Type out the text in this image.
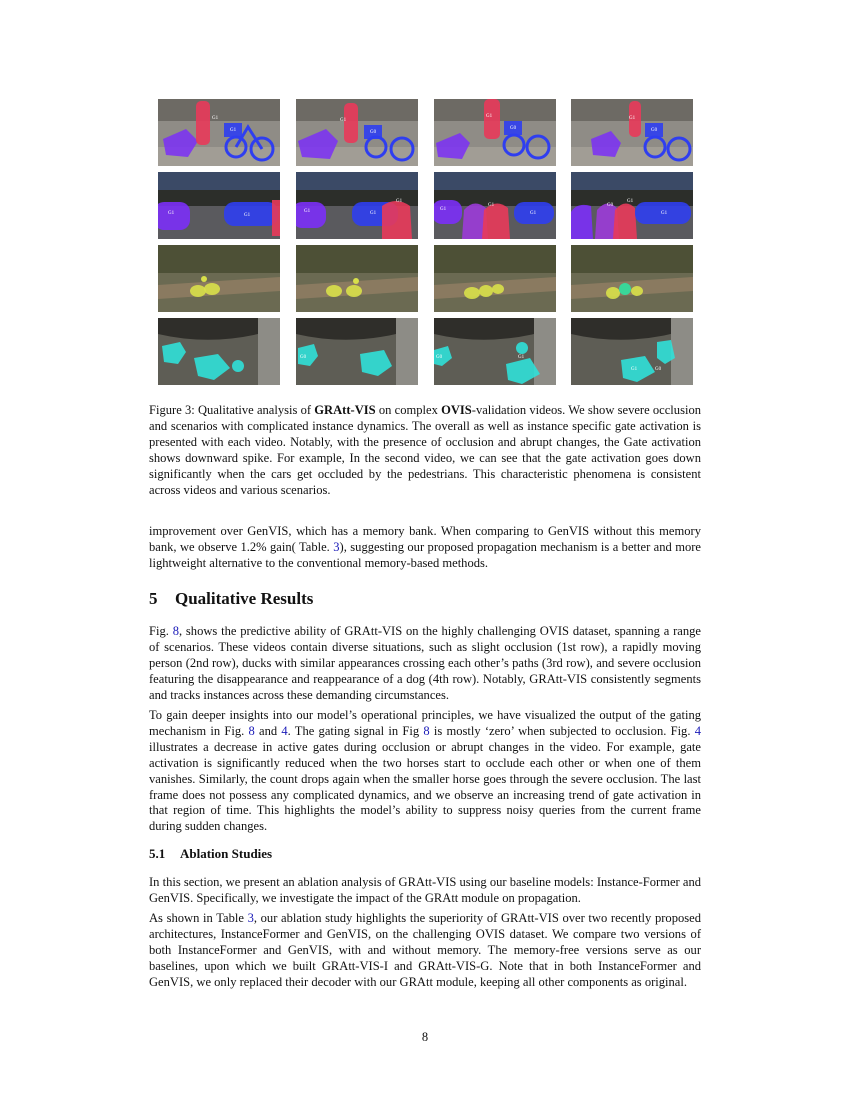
G1
G1
G1
G0
G1
G0
G1
G0
G1	G1
G1	G1
G1
G1
G1
G1
G0
G1
G1
G0	G0	G1
G1	G0

Figure 3: Qualitative analysis of GRAtt-VIS on complex OVIS-validation videos. We show severe occlusion and scenarios with complicated instance dynamics. The overall as well as instance specific gate activation is presented with each video. Notably, with the presence of occlusion and abrupt changes, the Gate activation shows downward spike. For example, In the second video, we can see that the gate activation goes down significantly when the cars get occluded by the pedestrians. This characteristic phenomena is consistent across videos and various scenarios.

improvement over GenVIS, which has a memory bank. When comparing to GenVIS without this memory bank, we observe 1.2% gain( Table. 3), suggesting our proposed propagation mechanism is a better and more lightweight alternative to the conventional memory-based methods.

5 Qualitative Results

Fig. 8, shows the predictive ability of GRAtt-VIS on the highly challenging OVIS dataset, spanning a range of scenarios. These videos contain diverse situations, such as slight occlusion (1st row), a rapidly moving person (2nd row), ducks with similar appearances crossing each other’s paths (3rd row), and severe occlusion featuring the disappearance and reappearance of a dog (4th row). Notably, GRAtt-VIS consistently segments and tracks instances across these demanding circumstances.

To gain deeper insights into our model’s operational principles, we have visualized the output of the gating mechanism in Fig. 8 and 4. The gating signal in Fig 8 is mostly ‘zero’ when subjected to occlusion. Fig. 4 illustrates a decrease in active gates during occlusion or abrupt changes in the video. For example, gate activation is significantly reduced when the two horses start to occlude each other or when one of them vanishes. Similarly, the count drops again when the smaller horse goes through the severe occlusion. The last frame does not possess any complicated dynamics, and we observe an increasing trend of gate activation in that region of time. This highlights the model’s ability to suppress noisy queries from the current frame during sudden changes.

5.1 Ablation Studies

In this section, we present an ablation analysis of GRAtt-VIS using our baseline models: Instance-Former and GenVIS. Specifically, we investigate the impact of the GRAtt module on propagation.

As shown in Table 3, our ablation study highlights the superiority of GRAtt-VIS over two recently proposed architectures, InstanceFormer and GenVIS, on the challenging OVIS dataset. We compare two versions of both InstanceFormer and GenVIS, with and without memory. The memory-free versions serve as our baselines, upon which we built GRAtt-VIS-I and GRAtt-VIS-G. Note that in both InstanceFormer and GenVIS, we only replaced their decoder with our GRAtt module, keeping all other components as original.

8
